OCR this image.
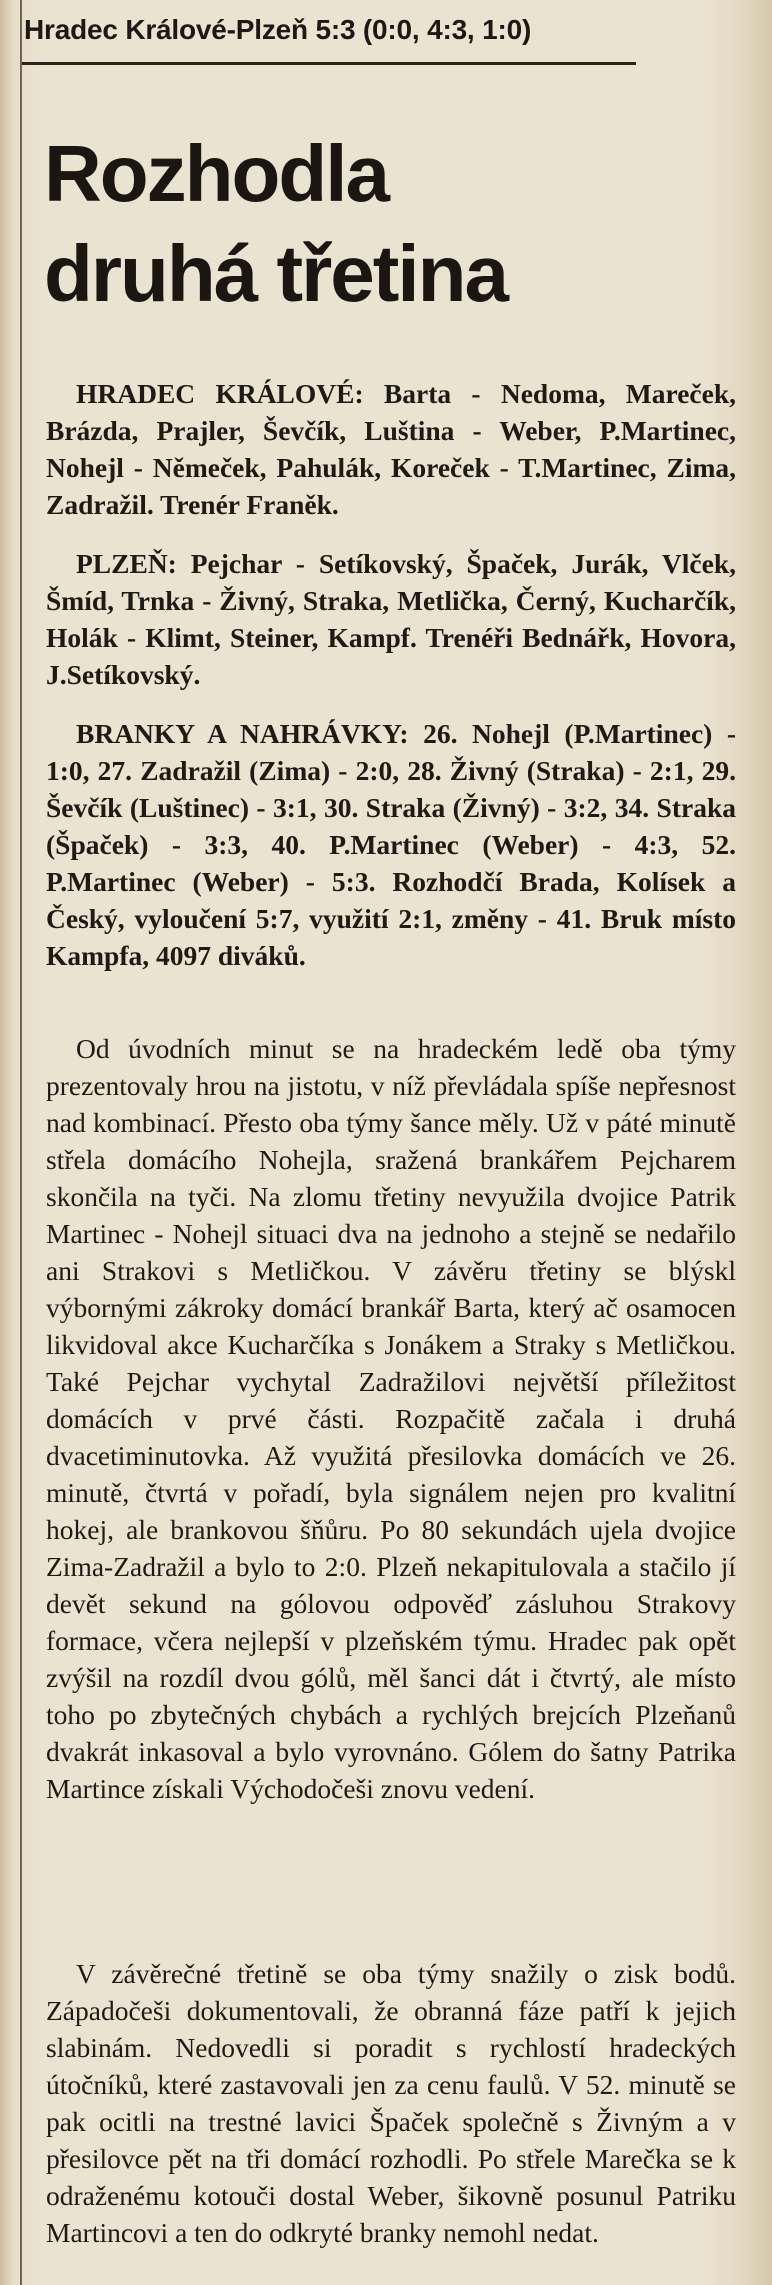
Hradec Králové-Plzeň 5:3 (0:0, 4:3, 1:0)
Rozhodla
druhá třetina

HRADEC KRÁLOVÉ: Barta - Nedoma, Mareček, Brázda, Prajler, Ševčík, Luština - Weber, P.Martinec, Nohejl - Němeček, Pahulák, Koreček - T.Martinec, Zima, Zadražil. Trenér Franěk.

PLZEŇ: Pejchar - Setíkovský, Špaček, Jurák, Vlček, Šmíd, Trnka - Živný, Straka, Metlička, Černý, Kucharčík, Holák - Klimt, Steiner, Kampf. Trenéři Bednářk, Hovora, J.Setíkovský.

BRANKY A NAHRÁVKY: 26. Nohejl (P.Martinec) - 1:0, 27. Zadražil (Zima) - 2:0, 28. Živný (Straka) - 2:1, 29. Ševčík (Luštinec) - 3:1, 30. Straka (Živný) - 3:2, 34. Straka (Špaček) - 3:3, 40. P.Martinec (Weber) - 4:3, 52. P.Martinec (Weber) - 5:3. Rozhodčí Brada, Kolísek a Český, vyloučení 5:7, využití 2:1, změny - 41. Bruk místo Kampfa, 4097 diváků.

Od úvodních minut se na hradeckém ledě oba týmy prezentovaly hrou na jistotu, v níž převládala spíše nepřesnost nad kombinací. Přesto oba týmy šance měly. Už v páté minutě střela domácího Nohejla, sražená brankářem Pejcharem skončila na tyči. Na zlomu třetiny nevyužila dvojice Patrik Martinec - Nohejl situaci dva na jednoho a stejně se nedařilo ani Strakovi s Metličkou. V závěru třetiny se blýskl výbornými zákroky domácí brankář Barta, který ač osamocen likvidoval akce Kucharčíka s Jonákem a Straky s Metličkou. Také Pejchar vychytal Zadražilovi největší příležitost domácích v prvé části. Rozpačitě začala i druhá dvacetiminutovka. Až využitá přesilovka domácích ve 26. minutě, čtvrtá v pořadí, byla signálem nejen pro kvalitní hokej, ale brankovou šňůru. Po 80 sekundách ujela dvojice Zima-Zadražil a bylo to 2:0. Plzeň nekapitulovala a stačilo jí devět sekund na gólovou odpověď zásluhou Strakovy formace, včera nejlepší v plzeňském týmu. Hradec pak opět zvýšil na rozdíl dvou gólů, měl šanci dát i čtvrtý, ale místo toho po zbytečných chybách a rychlých brejcích Plzeňanů dvakrát inkasoval a bylo vyrovnáno. Gólem do šatny Patrika Martince získali Východočeši znovu vedení.

V závěrečné třetině se oba týmy snažily o zisk bodů. Západočeši dokumentovali, že obranná fáze patří k jejich slabinám. Nedovedli si poradit s rychlostí hradeckých útočníků, které zastavovali jen za cenu faulů. V 52. minutě se pak ocitli na trestné lavici Špaček společně s Živným a v přesilovce pět na tři domácí rozhodli. Po střele Marečka se k odraženému kotouči dostal Weber, šikovně posunul Patriku Martincovi a ten do odkryté branky nemohl nedat.
